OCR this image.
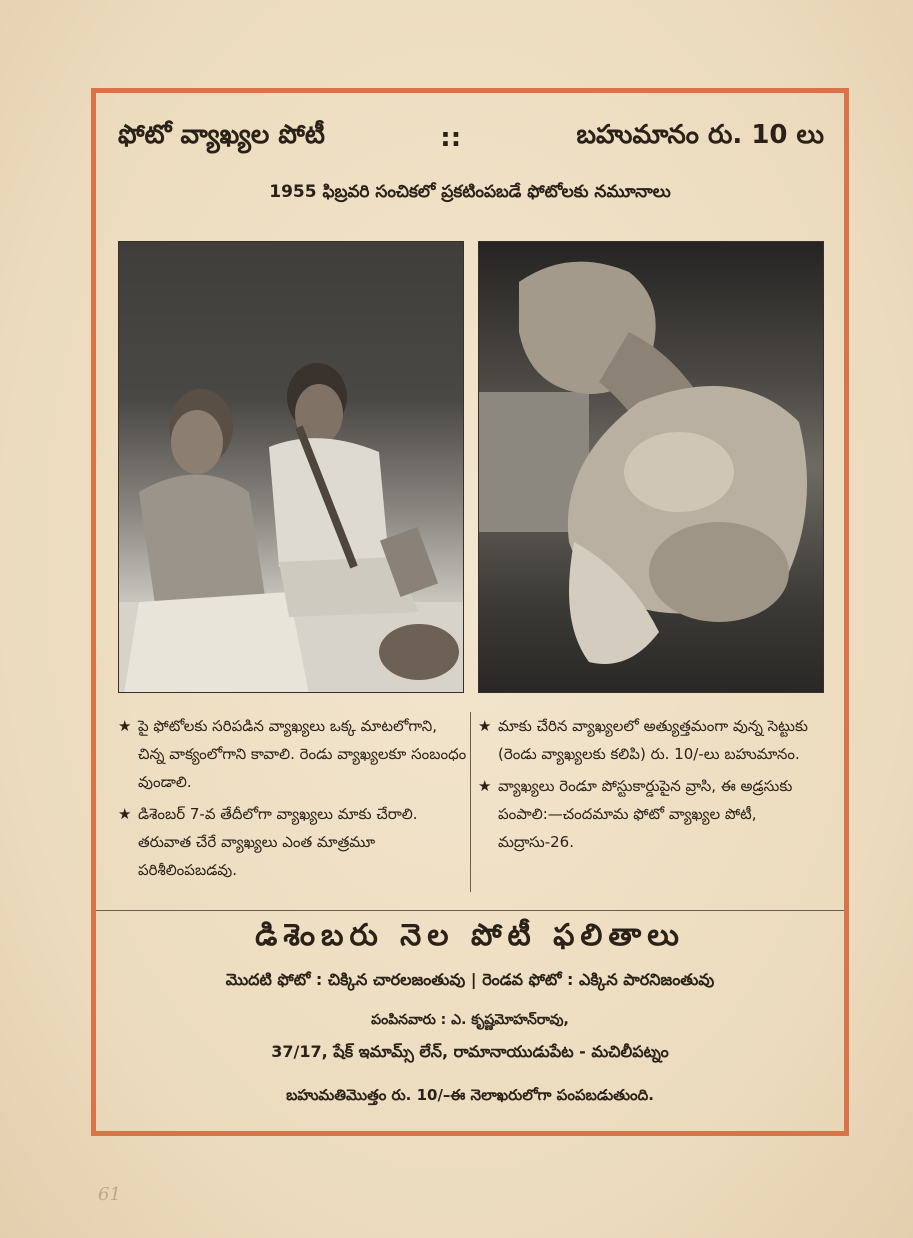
ఫోటో వ్యాఖ్యల పోటీ	::	బహుమానం రు. 10 లు
1955 ఫిబ్రవరి సంచికలో ప్రకటింపబడే ఫోటోలకు నమూనాలు
★ పై ఫోటోలకు సరిపడిన వ్యాఖ్యలు ఒక్క మాటలోగాని, చిన్న వాక్యంలోగాని కావాలి. రెండు వ్యాఖ్యలకూ సంబంధం వుండాలి.
★ డిశెంబర్ 7-వ తేదీలోగా వ్యాఖ్యలు మాకు చేరాలి. తరువాత చేరే వ్యాఖ్యలు ఎంత మాత్రమూ పరిశీలింపబడవు.
★ మాకు చేరిన వ్యాఖ్యలలో అత్యుత్తమంగా వున్న సెట్టుకు (రెండు వ్యాఖ్యలకు కలిపి) రు. 10/-లు బహుమానం.
★ వ్యాఖ్యలు రెండూ పోస్టుకార్డుపైన వ్రాసి, ఈ అడ్రసుకు పంపాలి:—చందమామ ఫోటో వ్యాఖ్యల పోటీ, మద్రాసు-26.
డిశెంబరు నెల పోటీ ఫలితాలు
మొదటి ఫోటో : చిక్కిన చారలజంతువు | రెండవ ఫోటో : ఎక్కిన పారనిజంతువు
పంపినవారు : ఎ. కృష్ణమోహన్‌రావు,
37/17, షేక్ ఇమామ్స్ లేన్, రామానాయుడుపేట - మచిలీపట్నం
బహుమతిమొత్తం రు. 10/–ఈ నెలాఖరులోగా పంపబడుతుంది.
61
